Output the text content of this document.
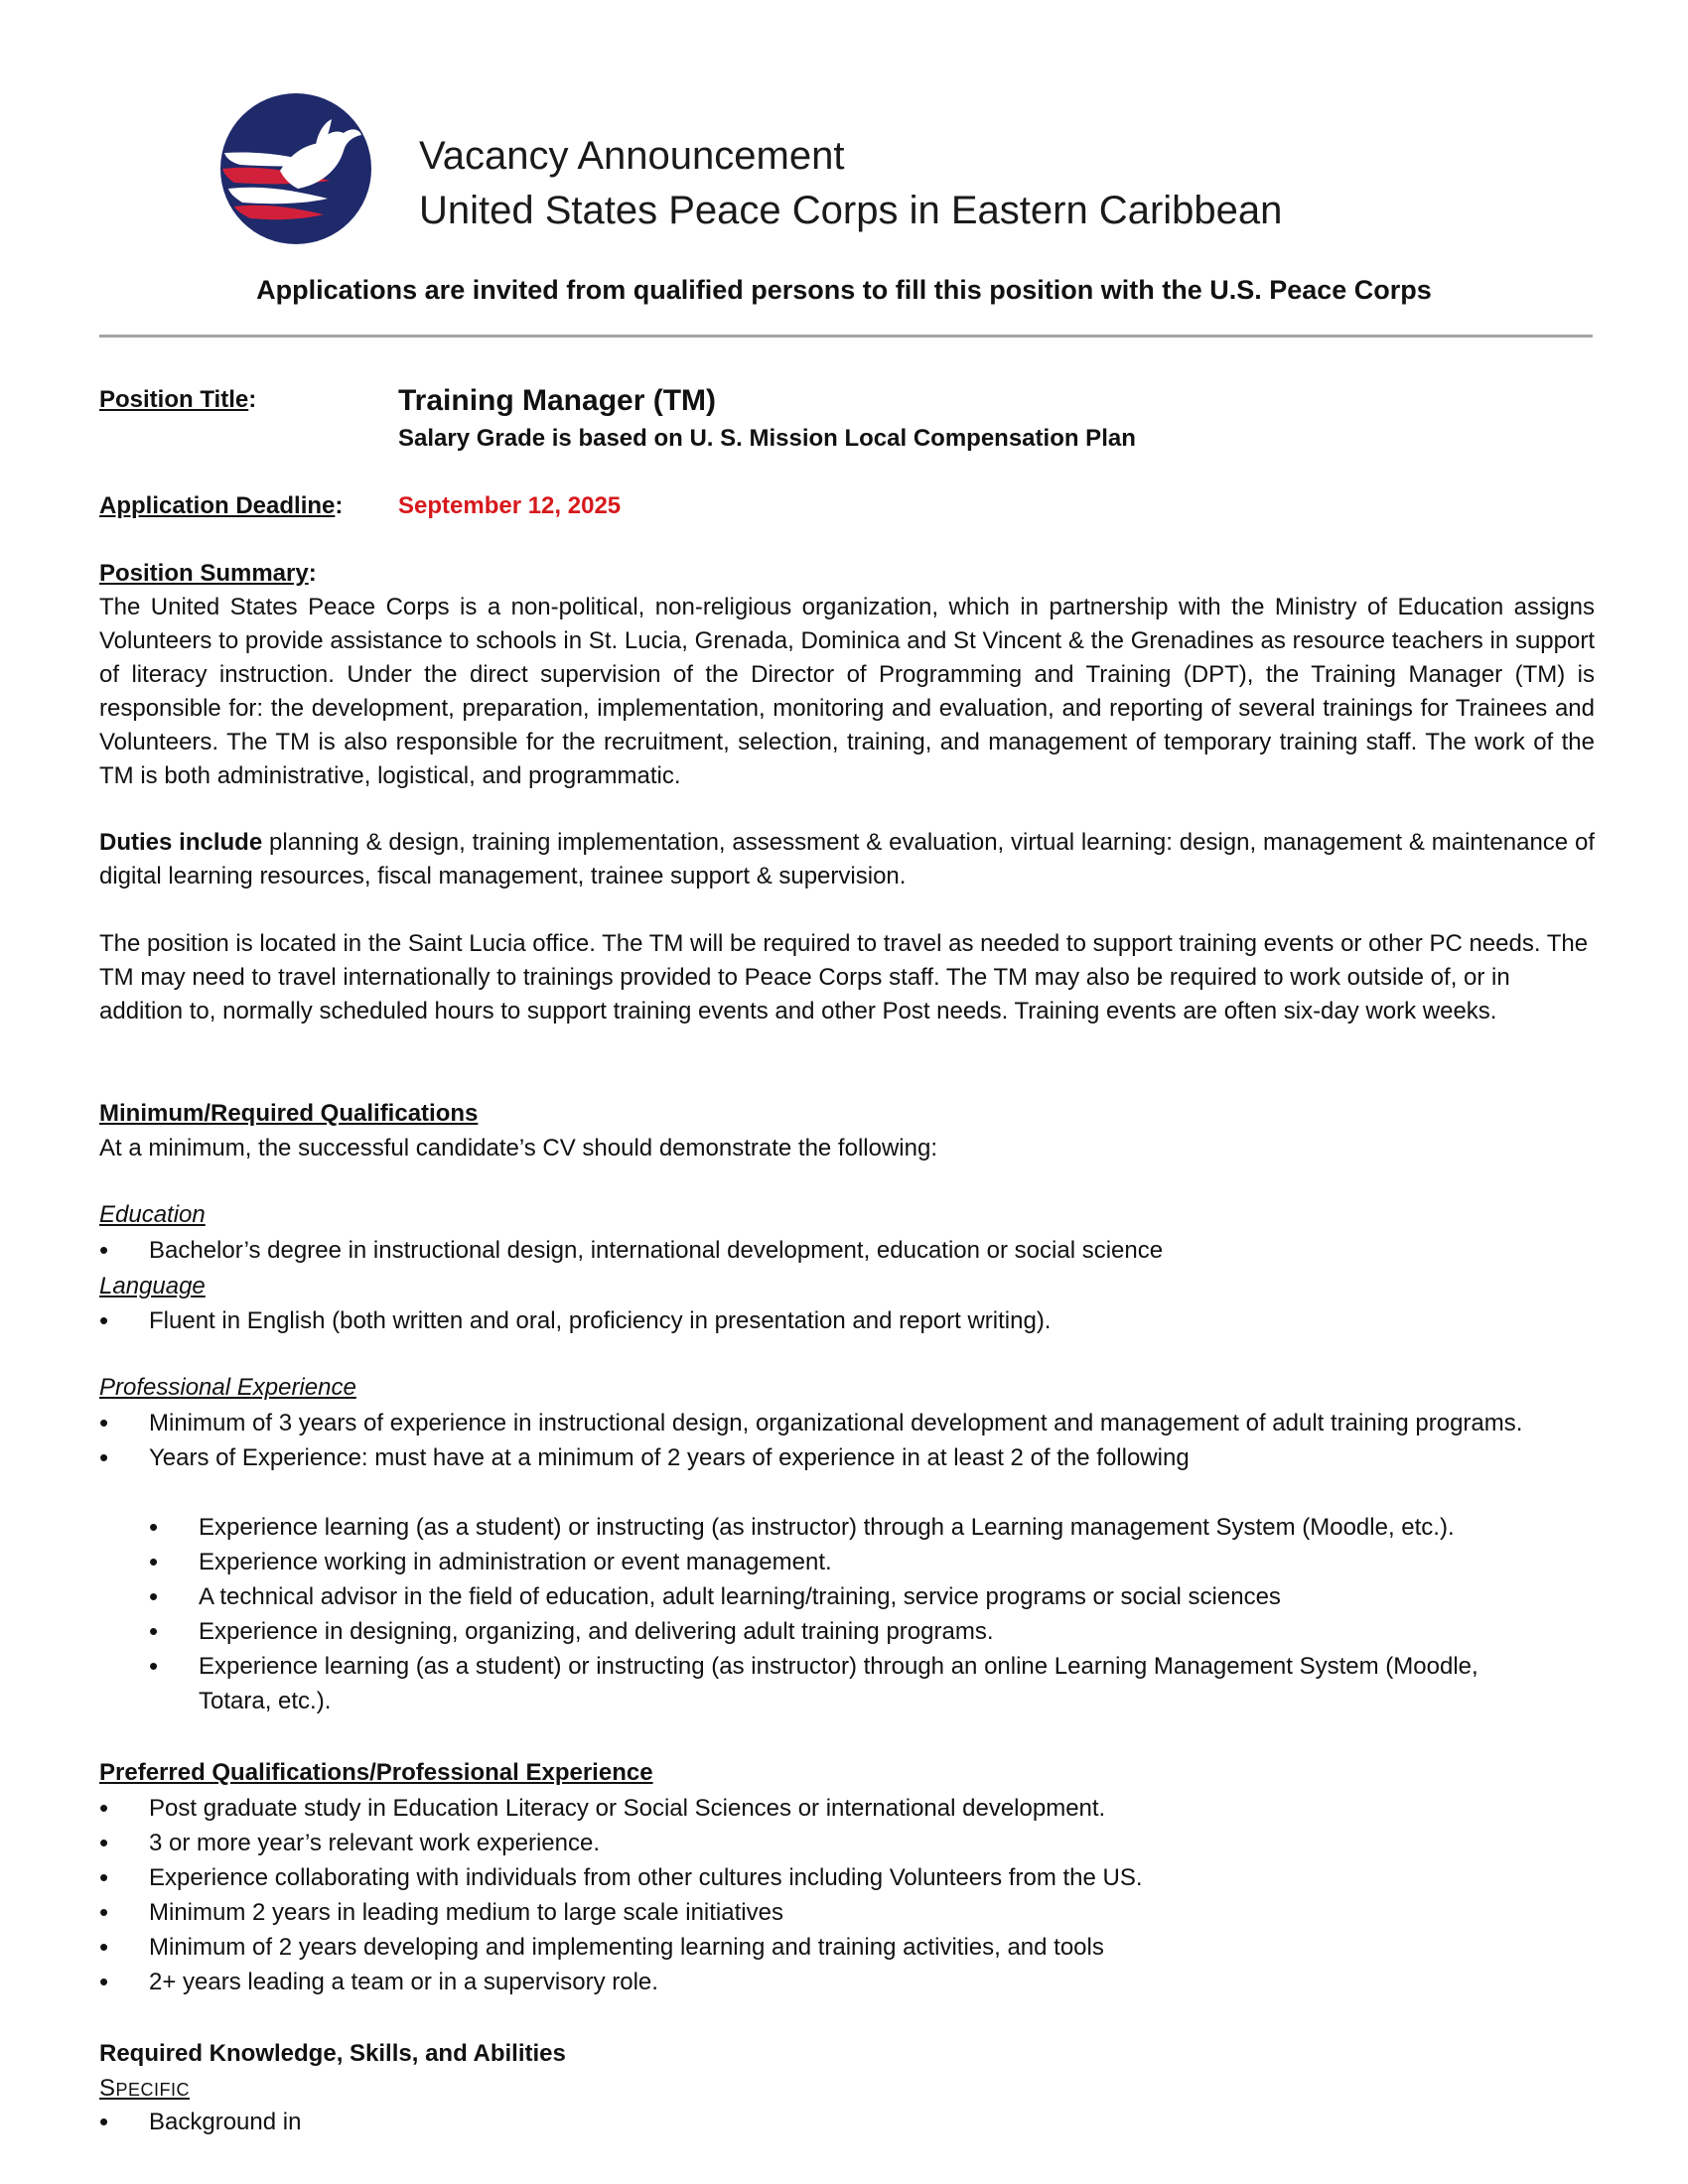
Vacancy Announcement
United States Peace Corps in Eastern Caribbean
Applications are invited from qualified persons to fill this position with the U.S. Peace Corps
Position Title:	Training Manager (TM)
Salary Grade is based on U. S. Mission Local Compensation Plan
Application Deadline: September 12, 2025
Position Summary:
The United States Peace Corps is a non-political, non-religious organization, which in partnership with the Ministry of Education assigns Volunteers to provide assistance to schools in St. Lucia, Grenada, Dominica and St Vincent & the Grenadines as resource teachers in support of literacy instruction. Under the direct supervision of the Director of Programming and Training (DPT), the Training Manager (TM) is responsible for: the development, preparation, implementation, monitoring and evaluation, and reporting of several trainings for Trainees and Volunteers. The TM is also responsible for the recruitment, selection, training, and management of temporary training staff. The work of the TM is both administrative, logistical, and programmatic.
Duties include planning & design, training implementation, assessment & evaluation, virtual learning: design, management & maintenance of digital learning resources, fiscal management, trainee support & supervision.
The position is located in the Saint Lucia office. The TM will be required to travel as needed to support training events or other PC needs. The TM may need to travel internationally to trainings provided to Peace Corps staff. The TM may also be required to work outside of, or in addition to, normally scheduled hours to support training events and other Post needs. Training events are often six-day work weeks.
Minimum/Required Qualifications
At a minimum, the successful candidate’s CV should demonstrate the following:
Education
• Bachelor’s degree in instructional design, international development, education or social science
Language
• Fluent in English (both written and oral, proficiency in presentation and report writing).
Professional Experience
• Minimum of 3 years of experience in instructional design, organizational development and management of adult training programs.
• Years of Experience: must have at a minimum of 2 years of experience in at least 2 of the following
• Experience learning (as a student) or instructing (as instructor) through a Learning management System (Moodle, etc.).
• Experience working in administration or event management.
• A technical advisor in the field of education, adult learning/training, service programs or social sciences
• Experience in designing, organizing, and delivering adult training programs.
• Experience learning (as a student) or instructing (as instructor) through an online Learning Management System (Moodle, Totara, etc.).
Preferred Qualifications/Professional Experience
• Post graduate study in Education Literacy or Social Sciences or international development.
• 3 or more year’s relevant work experience.
• Experience collaborating with individuals from other cultures including Volunteers from the US.
• Minimum 2 years in leading medium to large scale initiatives
• Minimum of 2 years developing and implementing learning and training activities, and tools
• 2+ years leading a team or in a supervisory role.
Required Knowledge, Skills, and Abilities
SPECIFIC
• Background in
